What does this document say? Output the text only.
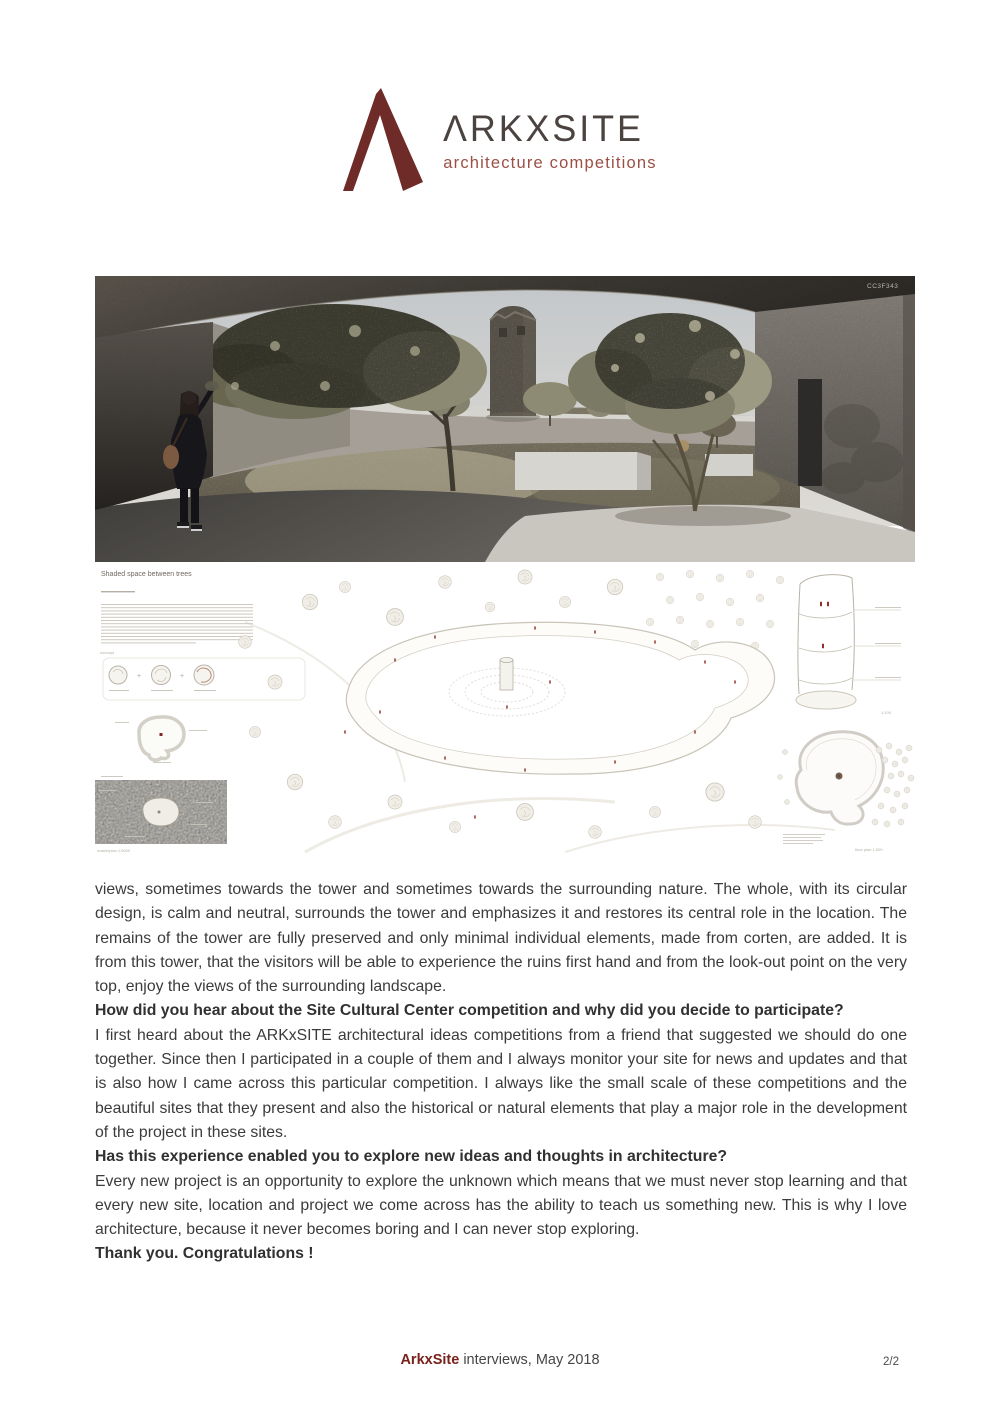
ΛRKXSITE
architecture competitions
CC3F343
Shaded space between trees
+	+
concept
masterplan 1:5000
1:100
floor plan 1:500

views, sometimes towards the tower and sometimes towards the surrounding nature. The whole, with its circular design, is calm and neutral, surrounds the tower and emphasizes it and restores its central role in the location. The remains of the tower are fully preserved and only minimal individual elements, made from corten, are added. It is from this tower, that the visitors will be able to experience the ruins first hand and from the look-out point on the very top, enjoy the views of the surrounding landscape.

How did you hear about the Site Cultural Center competition and why did you decide to participate?

I first heard about the ARKxSITE architectural ideas competitions from a friend that suggested we should do one together. Since then I participated in a couple of them and I always monitor your site for news and updates and that is also how I came across this particular competition. I always like the small scale of these competitions and the beautiful sites that they present and also the historical or natural elements that play a major role in the development of the project in these sites.

Has this experience enabled you to explore new ideas and thoughts in architecture?

Every new project is an opportunity to explore the unknown which means that we must never stop learning and that every new site, location and project we come across has the ability to teach us something new. This is why I love architecture, because it never becomes boring and I can never stop exploring.

Thank you. Congratulations !

ArkxSite interviews, May 2018	2/2
